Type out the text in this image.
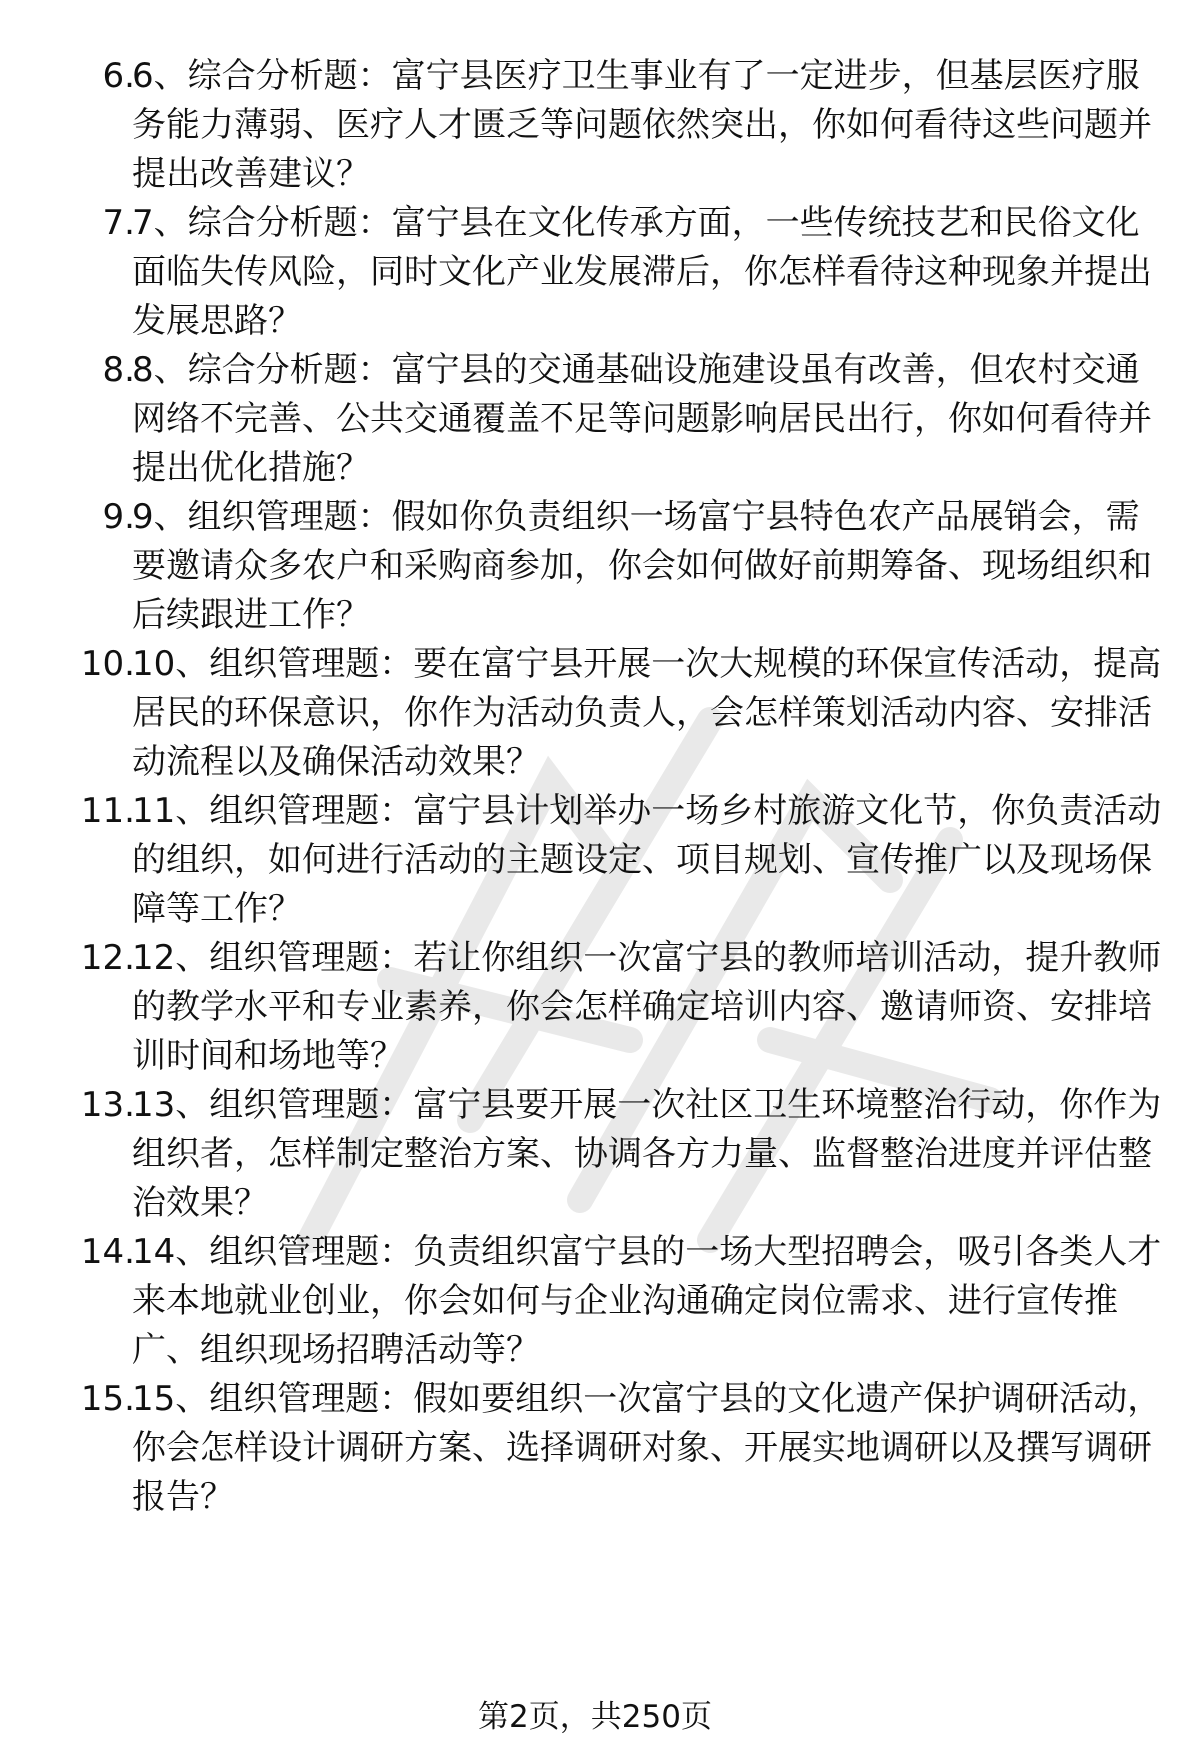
6.
6、综合分析题：富宁县医疗卫生事业有了一定进步，但基层医疗服务能力薄弱、医疗人才匮乏等问题依然突出，你如何看待这些问题并提出改善建议？
7.
7、综合分析题：富宁县在文化传承方面，一些传统技艺和民俗文化面临失传风险，同时文化产业发展滞后，你怎样看待这种现象并提出发展思路？
8.
8、综合分析题：富宁县的交通基础设施建设虽有改善，但农村交通网络不完善、公共交通覆盖不足等问题影响居民出行，你如何看待并提出优化措施？
9.
9、组织管理题：假如你负责组织一场富宁县特色农产品展销会，需要邀请众多农户和采购商参加，你会如何做好前期筹备、现场组织和后续跟进工作？
10.
10、组织管理题：要在富宁县开展一次大规模的环保宣传活动，提高居民的环保意识，你作为活动负责人，会怎样策划活动内容、安排活动流程以及确保活动效果？
11.
11、组织管理题：富宁县计划举办一场乡村旅游文化节，你负责活动的组织，如何进行活动的主题设定、项目规划、宣传推广以及现场保障等工作？
12.
12、组织管理题：若让你组织一次富宁县的教师培训活动，提升教师的教学水平和专业素养，你会怎样确定培训内容、邀请师资、安排培训时间和场地等？
13.
13、组织管理题：富宁县要开展一次社区卫生环境整治行动，你作为组织者，怎样制定整治方案、协调各方力量、监督整治进度并评估整治效果？
14.
14、组织管理题：负责组织富宁县的一场大型招聘会，吸引各类人才来本地就业创业，你会如何与企业沟通确定岗位需求、进行宣传推广、组织现场招聘活动等？
15.
15、组织管理题：假如要组织一次富宁县的文化遗产保护调研活动，你会怎样设计调研方案、选择调研对象、开展实地调研以及撰写调研报告？
第2页，共250页
